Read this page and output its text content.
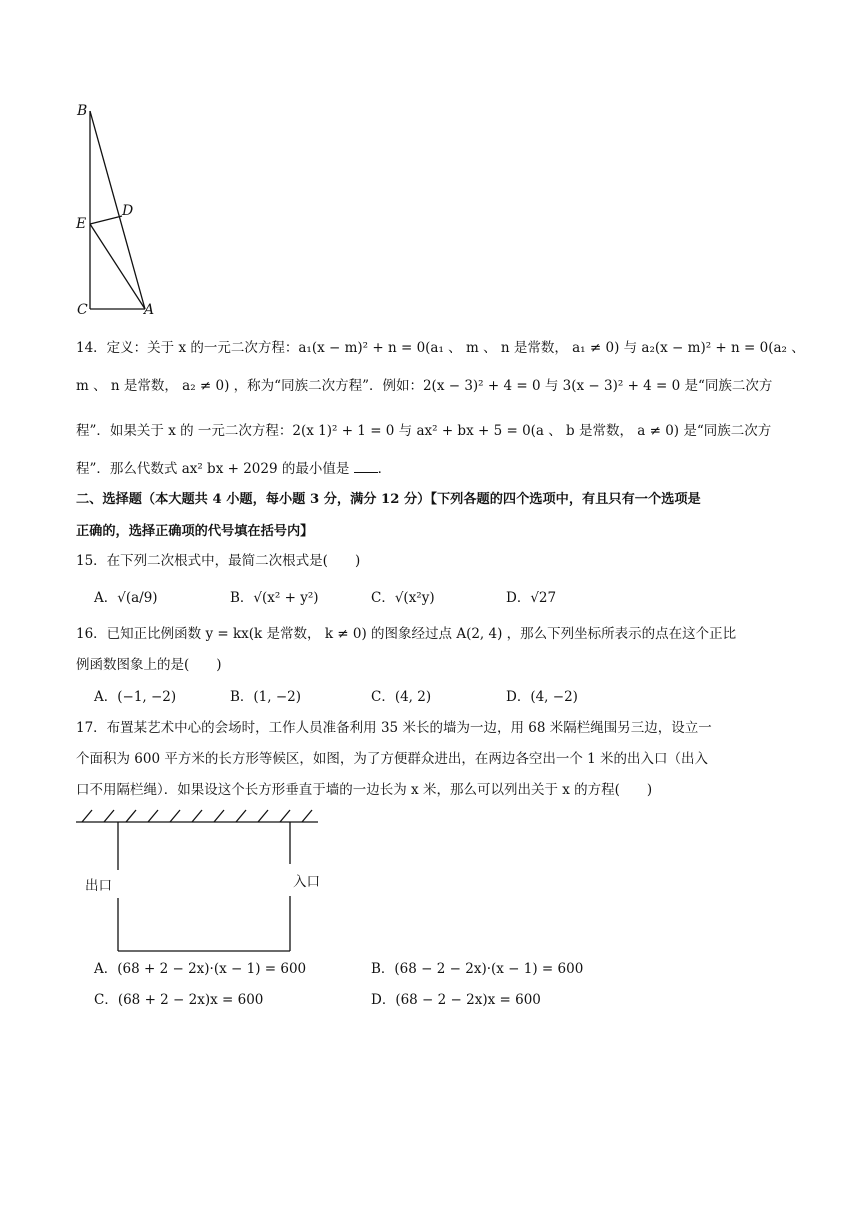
B
D
E
C	A
14．定义：关于 x 的一元二次方程：a₁(x − m)² + n = 0(a₁ 、 m 、 n 是常数， a₁ ≠ 0) 与 a₂(x − m)² + n = 0(a₂ 、
m 、 n 是常数， a₂ ≠ 0) ，称为“同族二次方程”．例如：2(x − 3)² + 4 = 0 与 3(x − 3)² + 4 = 0 是“同族二次方
程”．如果关于 x 的 一元二次方程：2(x 1)² + 1 = 0 与 ax² + bx + 5 = 0(a 、 b 是常数， a ≠ 0) 是“同族二次方
程”．那么代数式 ax² bx + 2029 的最小值是 ．
二、选择题（本大题共 4 小题，每小题 3 分，满分 12 分）【下列各题的四个选项中，有且只有一个选项是
正确的，选择正确项的代号填在括号内】
15．在下列二次根式中，最简二次根式是(　　)
A．√(a/9)	B．√(x² + y²)	C．√(x²y)	D．√27
16．已知正比例函数 y = kx(k 是常数， k ≠ 0) 的图象经过点 A(2, 4) ，那么下列坐标所表示的点在这个正比
例函数图象上的是(　　)
A．(−1, −2)	B．(1, −2)	C．(4, 2)	D．(4, −2)
17．布置某艺术中心的会场时，工作人员准备利用 35 米长的墙为一边，用 68 米隔栏绳围另三边，设立一
个面积为 600 平方米的长方形等候区，如图，为了方便群众进出，在两边各空出一个 1 米的出入口（出入
口不用隔栏绳）．如果设这个长方形垂直于墙的一边长为 x 米，那么可以列出关于 x 的方程(　　)
出口	入口
A．(68 + 2 − 2x)·(x − 1) = 600	B．(68 − 2 − 2x)·(x − 1) = 600
C．(68 + 2 − 2x)x = 600	D．(68 − 2 − 2x)x = 600
